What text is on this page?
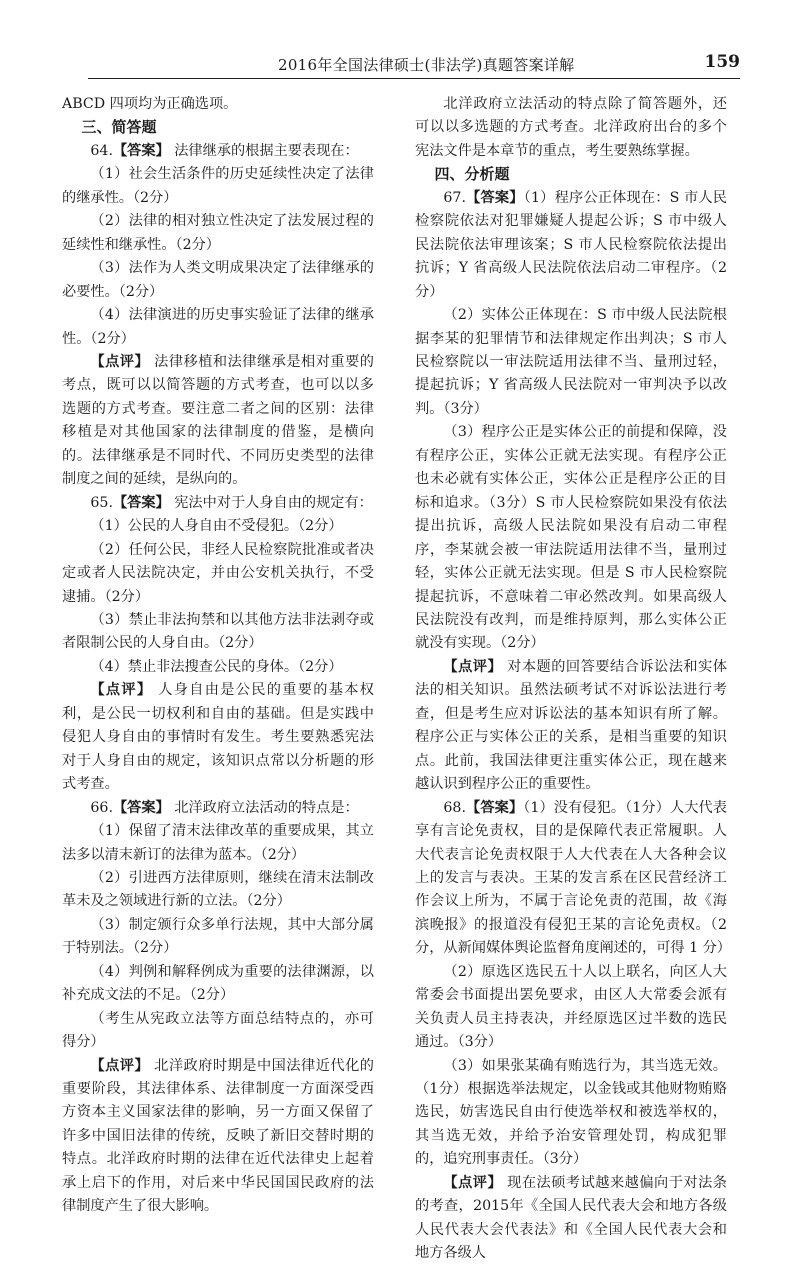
2016年全国法律硕士(非法学)真题答案详解	159

ABCD 四项均为正确选项。

三、简答题

64.【答案】 法律继承的根据主要表现在：

（1）社会生活条件的历史延续性决定了法律的继承性。（2分）

（2）法律的相对独立性决定了法发展过程的延续性和继承性。（2分）

（3）法作为人类文明成果决定了法律继承的必要性。（2分）

（4）法律演进的历史事实验证了法律的继承性。（2分）

【点评】 法律移植和法律继承是相对重要的考点，既可以以简答题的方式考查，也可以以多选题的方式考查。要注意二者之间的区别：法律移植是对其他国家的法律制度的借鉴，是横向的。法律继承是不同时代、不同历史类型的法律制度之间的延续，是纵向的。

65.【答案】 宪法中对于人身自由的规定有：

（1）公民的人身自由不受侵犯。（2分）

（2）任何公民，非经人民检察院批准或者决定或者人民法院决定，并由公安机关执行，不受逮捕。（2分）

（3）禁止非法拘禁和以其他方法非法剥夺或者限制公民的人身自由。（2分）

（4）禁止非法搜查公民的身体。（2分）

【点评】 人身自由是公民的重要的基本权利，是公民一切权利和自由的基础。但是实践中侵犯人身自由的事情时有发生。考生要熟悉宪法对于人身自由的规定，该知识点常以分析题的形式考查。

66.【答案】 北洋政府立法活动的特点是：

（1）保留了清末法律改革的重要成果，其立法多以清末新订的法律为蓝本。（2分）

（2）引进西方法律原则，继续在清末法制改革未及之领域进行新的立法。（2分）

（3）制定颁行众多单行法规，其中大部分属于特别法。（2分）

（4）判例和解释例成为重要的法律渊源，以补充成文法的不足。（2分）

（考生从宪政立法等方面总结特点的，亦可得分）

【点评】 北洋政府时期是中国法律近代化的重要阶段，其法律体系、法律制度一方面深受西方资本主义国家法律的影响，另一方面又保留了许多中国旧法律的传统，反映了新旧交替时期的特点。北洋政府时期的法律在近代法律史上起着承上启下的作用，对后来中华民国国民政府的法律制度产生了很大影响。

北洋政府立法活动的特点除了简答题外，还可以以多选题的方式考查。北洋政府出台的多个宪法文件是本章节的重点，考生要熟练掌握。

四、分析题

67.【答案】（1）程序公正体现在：S 市人民检察院依法对犯罪嫌疑人提起公诉；S 市中级人民法院依法审理该案；S 市人民检察院依法提出抗诉；Y 省高级人民法院依法启动二审程序。（2分）

（2）实体公正体现在：S 市中级人民法院根据李某的犯罪情节和法律规定作出判决；S 市人民检察院以一审法院适用法律不当、量刑过轻，提起抗诉；Y 省高级人民法院对一审判决予以改判。（3分）

（3）程序公正是实体公正的前提和保障，没有程序公正，实体公正就无法实现。有程序公正也未必就有实体公正，实体公正是程序公正的目标和追求。（3分）S 市人民检察院如果没有依法提出抗诉，高级人民法院如果没有启动二审程序，李某就会被一审法院适用法律不当，量刑过轻，实体公正就无法实现。但是 S 市人民检察院提起抗诉，不意味着二审必然改判。如果高级人民法院没有改判，而是维持原判，那么实体公正就没有实现。（2分）

【点评】 对本题的回答要结合诉讼法和实体法的相关知识。虽然法硕考试不对诉讼法进行考查，但是考生应对诉讼法的基本知识有所了解。程序公正与实体公正的关系，是相当重要的知识点。此前，我国法律更注重实体公正，现在越来越认识到程序公正的重要性。

68.【答案】（1）没有侵犯。（1分）人大代表享有言论免责权，目的是保障代表正常履职。人大代表言论免责权限于人大代表在人大各种会议上的发言与表决。王某的发言系在区民营经济工作会议上所为，不属于言论免责的范围，故《海滨晚报》的报道没有侵犯王某的言论免责权。（2分，从新闻媒体舆论监督角度阐述的，可得 1 分）

（2）原选区选民五十人以上联名，向区人大常委会书面提出罢免要求，由区人大常委会派有关负责人员主持表决，并经原选区过半数的选民通过。（3分）

（3）如果张某确有贿选行为，其当选无效。（1分）根据选举法规定，以金钱或其他财物贿赂选民，妨害选民自由行使选举权和被选举权的，其当选无效，并给予治安管理处罚，构成犯罪的，追究刑事责任。（3分）

【点评】 现在法硕考试越来越偏向于对法条的考查，2015年《全国人民代表大会和地方各级人民代表大会代表法》和《全国人民代表大会和地方各级人
